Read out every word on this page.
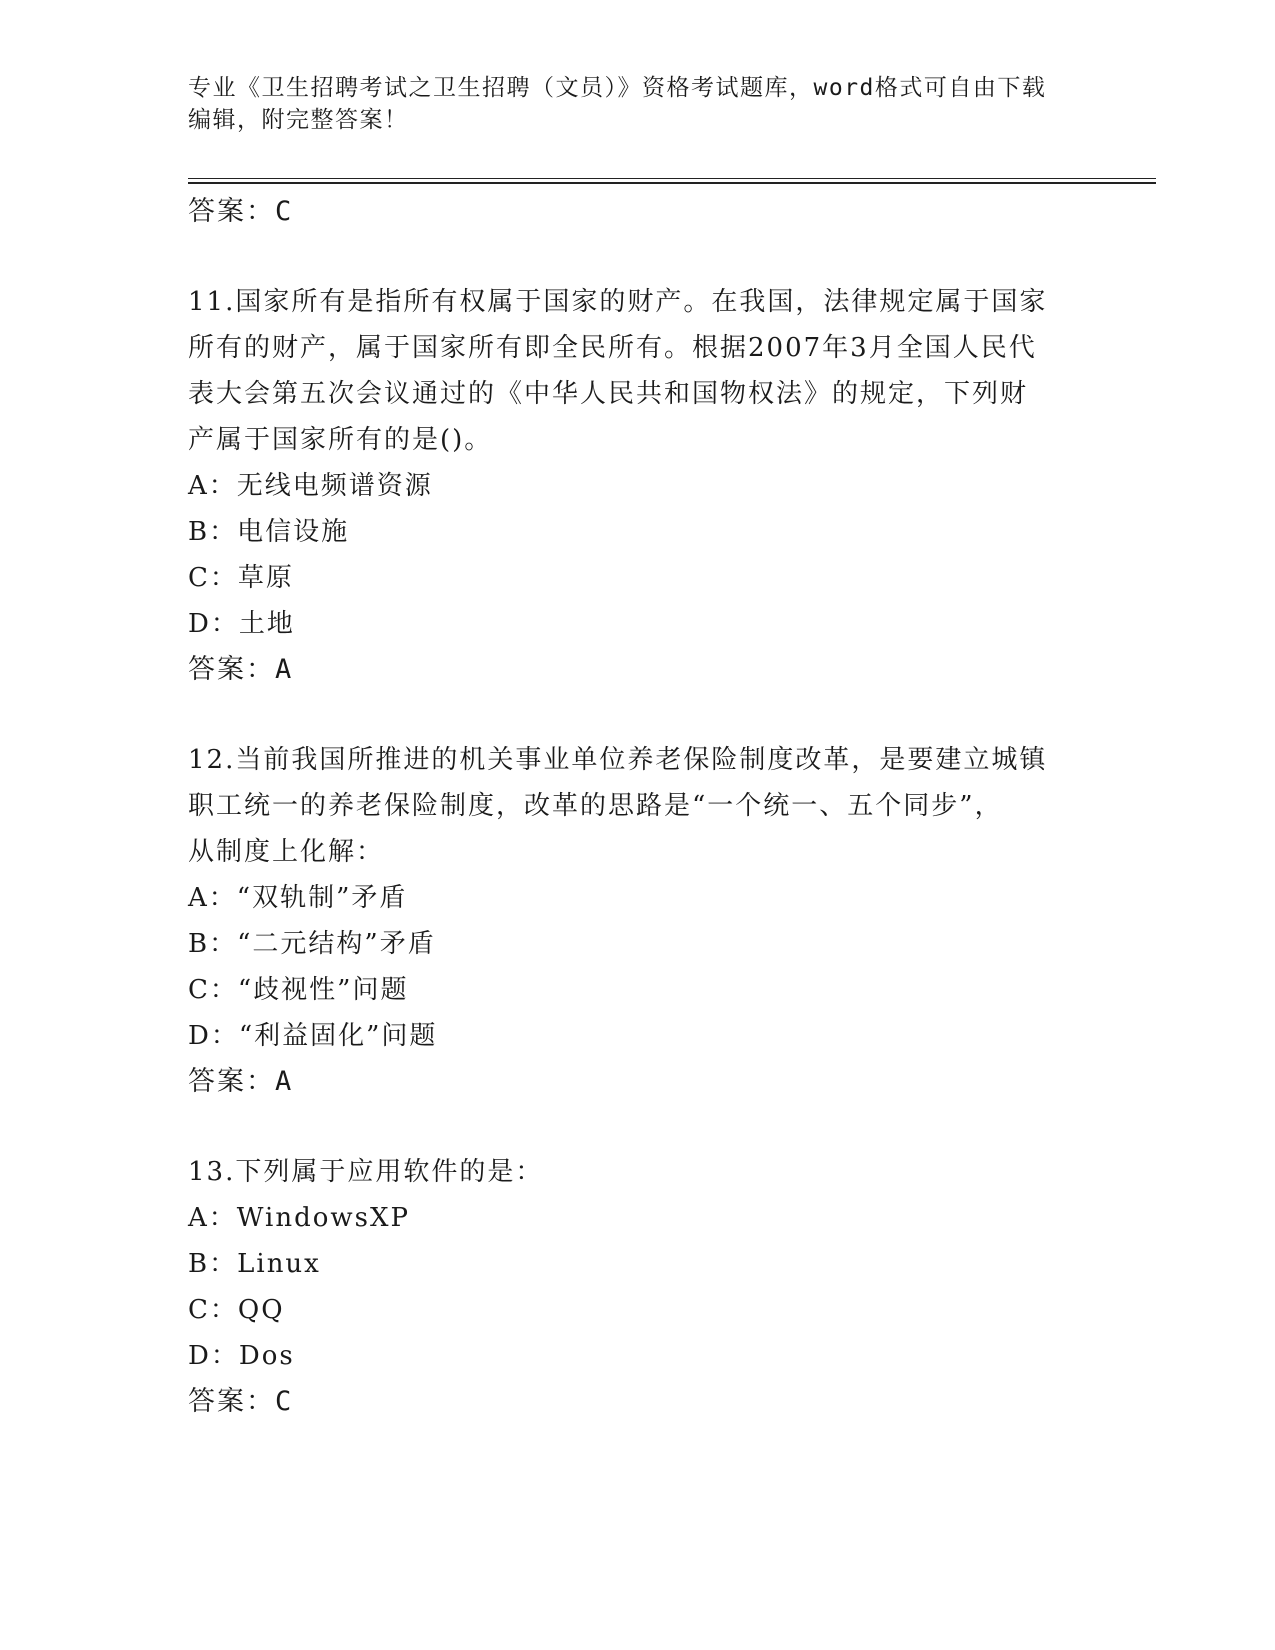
专业《卫生招聘考试之卫生招聘（文员）》资格考试题库，word格式可自由下载
编辑，附完整答案！
答案：C
11.国家所有是指所有权属于国家的财产。在我国，法律规定属于国家
所有的财产，属于国家所有即全民所有。根据2007年3月全国人民代
表大会第五次会议通过的《中华人民共和国物权法》的规定，下列财
产属于国家所有的是()。
A：无线电频谱资源
B：电信设施
C：草原
D：土地
答案：A
12.当前我国所推进的机关事业单位养老保险制度改革，是要建立城镇
职工统一的养老保险制度，改革的思路是“一个统一、五个同步”，
从制度上化解：
A：“双轨制”矛盾
B：“二元结构”矛盾
C：“歧视性”问题
D：“利益固化”问题
答案：A
13.下列属于应用软件的是：
A：WindowsXP
B：Linux
C：QQ
D：Dos
答案：C
